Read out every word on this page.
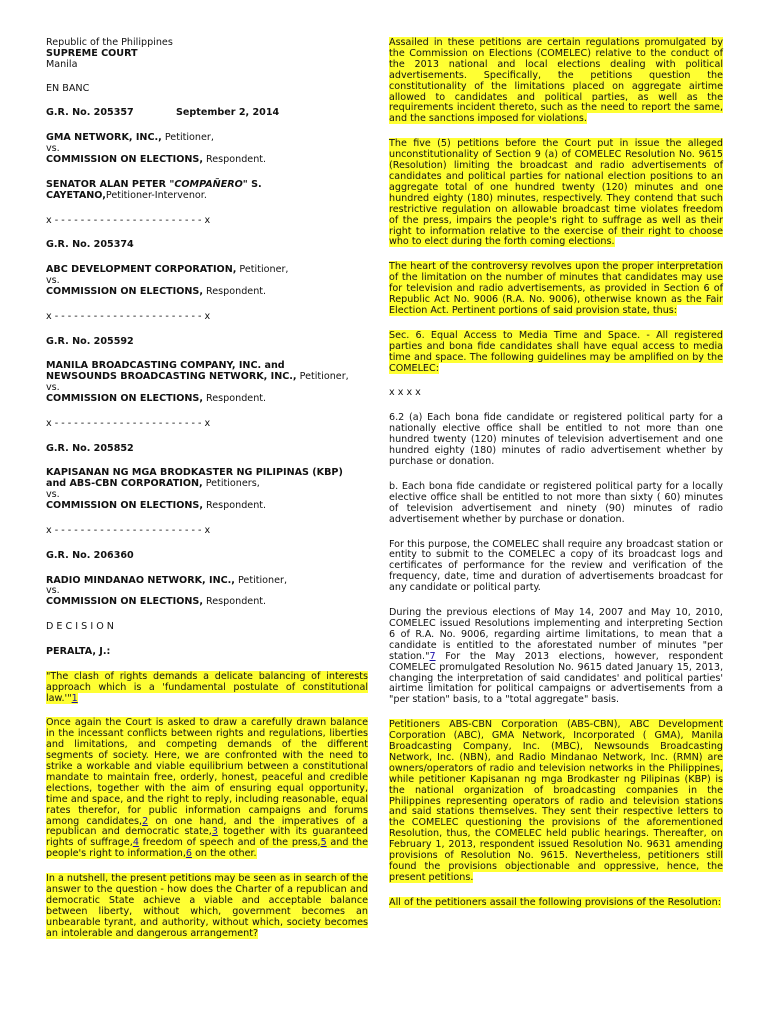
Republic of the Philippines
SUPREME COURT
Manila
EN BANC
G.R. No. 205357	September 2, 2014
GMA NETWORK, INC., Petitioner,
vs.
COMMISSION ON ELECTIONS, Respondent.
SENATOR ALAN PETER "COMPAÑERO" S.
CAYETANO,Petitioner-Intervenor.
x - - - - - - - - - - - - - - - - - - - - - - - x
G.R. No. 205374
ABC DEVELOPMENT CORPORATION, Petitioner,
vs.
COMMISSION ON ELECTIONS, Respondent.
x - - - - - - - - - - - - - - - - - - - - - - - x
G.R. No. 205592
MANILA BROADCASTING COMPANY, INC. and
NEWSOUNDS BROADCASTING NETWORK, INC., Petitioner,
vs.
COMMISSION ON ELECTIONS, Respondent.
x - - - - - - - - - - - - - - - - - - - - - - - x
G.R. No. 205852
KAPISANAN NG MGA BRODKASTER NG PILIPINAS (KBP)
and ABS-CBN CORPORATION, Petitioners,
vs.
COMMISSION ON ELECTIONS, Respondent.
x - - - - - - - - - - - - - - - - - - - - - - - x
G.R. No. 206360
RADIO MINDANAO NETWORK, INC., Petitioner,
vs.
COMMISSION ON ELECTIONS, Respondent.
D E C I S I O N
PERALTA, J.:
"The clash of rights demands a delicate balancing of interests approach which is a 'fundamental postulate of constitutional law.'"1
Once again the Court is asked to draw a carefully drawn balance in the incessant conflicts between rights and regulations, liberties and limitations, and competing demands of the different segments of society. Here, we are confronted with the need to strike a workable and viable equilibrium between a constitutional mandate to maintain free, orderly, honest, peaceful and credible elections, together with the aim of ensuring equal opportunity, time and space, and the right to reply, including reasonable, equal rates therefor, for public information campaigns and forums among candidates,2 on one hand, and the imperatives of a republican and democratic state,3 together with its guaranteed rights of suffrage,4 freedom of speech and of the press,5 and the people's right to information,6 on the other.
In a nutshell, the present petitions may be seen as in search of the answer to the question - how does the Charter of a republican and democratic State achieve a viable and acceptable balance between liberty, without which, government becomes an unbearable tyrant, and authority, without which, society becomes an intolerable and dangerous arrangement?
Assailed in these petitions are certain regulations promulgated by the Commission on Elections (COMELEC) relative to the conduct of the 2013 national and local elections dealing with political advertisements. Specifically, the petitions question the constitutionality of the limitations placed on aggregate airtime allowed to candidates and political parties, as well as the requirements incident thereto, such as the need to report the same, and the sanctions imposed for violations.
The five (5) petitions before the Court put in issue the alleged unconstitutionality of Section 9 (a) of COMELEC Resolution No. 9615 (Resolution) limiting the broadcast and radio advertisements of candidates and political parties for national election positions to an aggregate total of one hundred twenty (120) minutes and one hundred eighty (180) minutes, respectively. They contend that such restrictive regulation on allowable broadcast time violates freedom of the press, impairs the people's right to suffrage as well as their right to information relative to the exercise of their right to choose who to elect during the forth coming elections.
The heart of the controversy revolves upon the proper interpretation of the limitation on the number of minutes that candidates may use for television and radio advertisements, as provided in Section 6 of Republic Act No. 9006 (R.A. No. 9006), otherwise known as the Fair Election Act. Pertinent portions of said provision state, thus:
Sec. 6. Equal Access to Media Time and Space. - All registered parties and bona fide candidates shall have equal access to media time and space. The following guidelines may be amplified on by the COMELEC:
x x x x
6.2 (a) Each bona fide candidate or registered political party for a nationally elective office shall be entitled to not more than one hundred twenty (120) minutes of television advertisement and one hundred eighty (180) minutes of radio advertisement whether by purchase or donation.
b. Each bona fide candidate or registered political party for a locally elective office shall be entitled to not more than sixty ( 60) minutes of television advertisement and ninety (90) minutes of radio advertisement whether by purchase or donation.
For this purpose, the COMELEC shall require any broadcast station or entity to submit to the COMELEC a copy of its broadcast logs and certificates of performance for the review and verification of the frequency, date, time and duration of advertisements broadcast for any candidate or political party.
During the previous elections of May 14, 2007 and May 10, 2010, COMELEC issued Resolutions implementing and interpreting Section 6 of R.A. No. 9006, regarding airtime limitations, to mean that a candidate is entitled to the aforestated number of minutes "per station."7 For the May 2013 elections, however, respondent COMELEC promulgated Resolution No. 9615 dated January 15, 2013, changing the interpretation of said candidates' and political parties' airtime limitation for political campaigns or advertisements from a "per station" basis, to a "total aggregate" basis.
Petitioners ABS-CBN Corporation (ABS-CBN), ABC Development Corporation (ABC), GMA Network, Incorporated ( GMA), Manila Broadcasting Company, Inc. (MBC), Newsounds Broadcasting Network, Inc. (NBN), and Radio Mindanao Network, Inc. (RMN) are owners/operators of radio and television networks in the Philippines, while petitioner Kapisanan ng mga Brodkaster ng Pilipinas (KBP) is the national organization of broadcasting companies in the Philippines representing operators of radio and television stations and said stations themselves. They sent their respective letters to the COMELEC questioning the provisions of the aforementioned Resolution, thus, the COMELEC held public hearings. Thereafter, on February 1, 2013, respondent issued Resolution No. 9631 amending provisions of Resolution No. 9615. Nevertheless, petitioners still found the provisions objectionable and oppressive, hence, the present petitions.
All of the petitioners assail the following provisions of the Resolution:
